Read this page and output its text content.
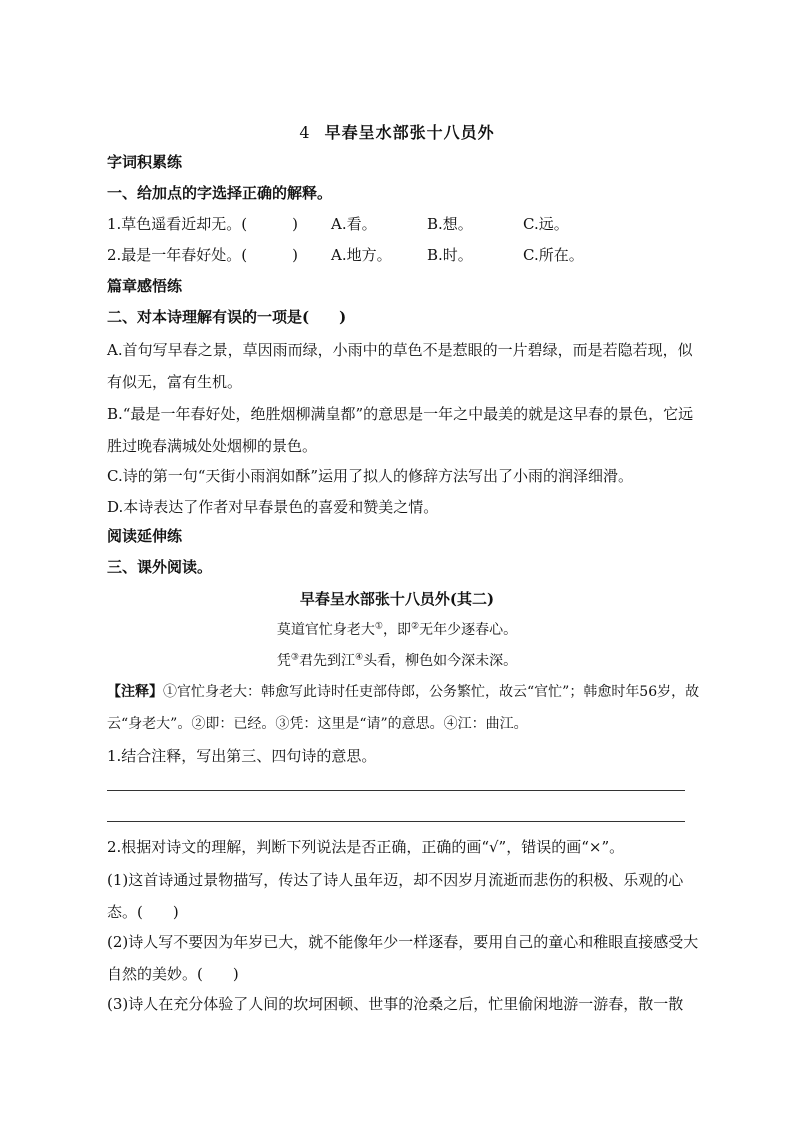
4 早春呈水部张十八员外
字词积累练
一、给加点的字选择正确的解释。
1.草色遥看近却无。(　　　) A.看。	B.想。	C.远。
2.最是一年春好处。(　　　) A.地方。 B.时。	C.所在。
篇章感悟练
二、对本诗理解有误的一项是(　　)
A.首句写早春之景，草因雨而绿，小雨中的草色不是惹眼的一片碧绿，而是若隐若现，似有似无，富有生机。
B.“最是一年春好处，绝胜烟柳满皇都”的意思是一年之中最美的就是这早春的景色，它远胜过晚春满城处处烟柳的景色。
C.诗的第一句“天街小雨润如酥”运用了拟人的修辞方法写出了小雨的润泽细滑。
D.本诗表达了作者对早春景色的喜爱和赞美之情。
阅读延伸练
三、课外阅读。
早春呈水部张十八员外(其二)
莫道官忙身老大①，即②无年少逐春心。
凭③君先到江④头看，柳色如今深未深。
【注释】①官忙身老大：韩愈写此诗时任吏部侍郎，公务繁忙，故云“官忙”；韩愈时年56岁，故云“身老大”。②即：已经。③凭：这里是“请”的意思。④江：曲江。
1.结合注释，写出第三、四句诗的意思。
2.根据对诗文的理解，判断下列说法是否正确，正确的画“√”，错误的画“×”。
(1)这首诗通过景物描写，传达了诗人虽年迈，却不因岁月流逝而悲伤的积极、乐观的心态。(　　)
(2)诗人写不要因为年岁已大，就不能像年少一样逐春，要用自己的童心和稚眼直接感受大自然的美妙。(　　)
(3)诗人在充分体验了人间的坎坷困顿、世事的沧桑之后，忙里偷闲地游一游春，散一散
